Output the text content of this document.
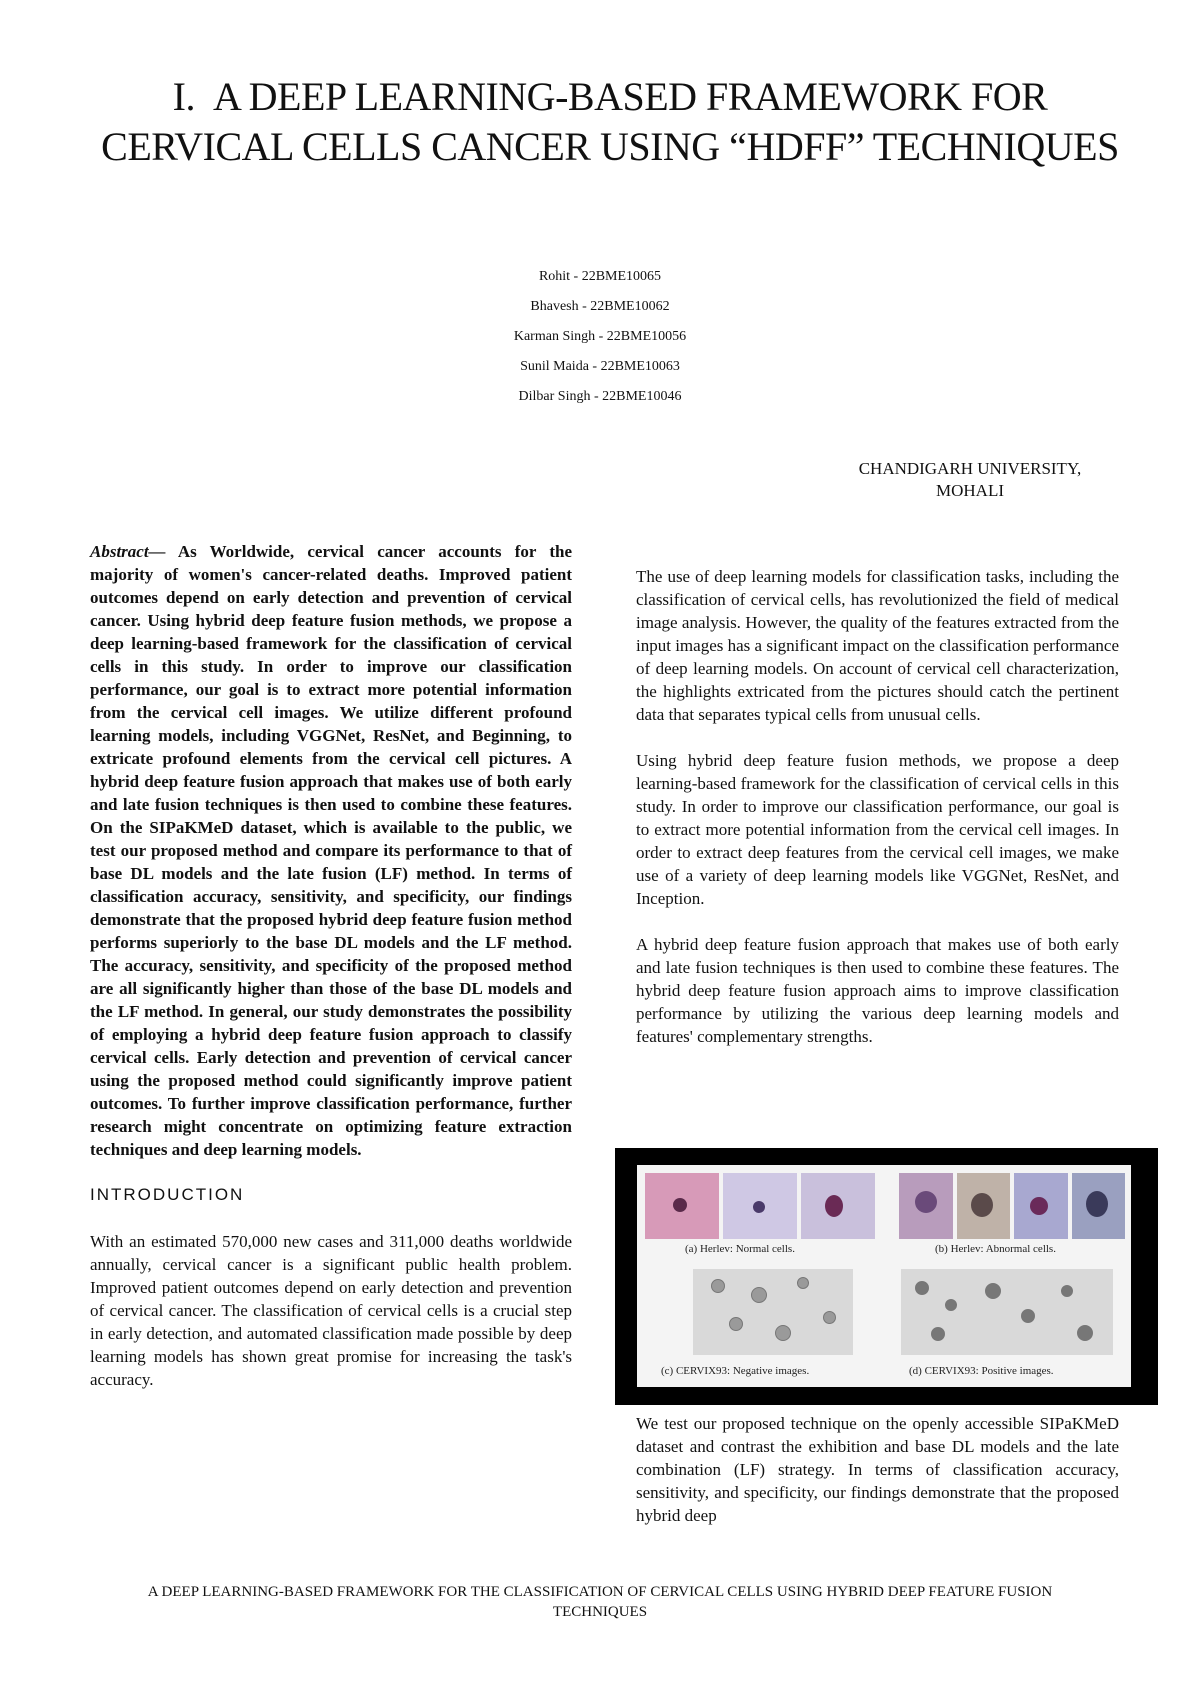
I. A DEEP LEARNING-BASED FRAMEWORK FOR CERVICAL CELLS CANCER USING “HDFF” TECHNIQUES
Rohit - 22BME10065
Bhavesh - 22BME10062
Karman Singh - 22BME10056
Sunil Maida - 22BME10063
Dilbar Singh - 22BME10046
CHANDIGARH UNIVERSITY,
MOHALI

Abstract— As Worldwide, cervical cancer accounts for the majority of women's cancer-related deaths. Improved patient outcomes depend on early detection and prevention of cervical cancer. Using hybrid deep feature fusion methods, we propose a deep learning-based framework for the classification of cervical cells in this study. In order to improve our classification performance, our goal is to extract more potential information from the cervical cell images. We utilize different profound learning models, including VGGNet, ResNet, and Beginning, to extricate profound elements from the cervical cell pictures. A hybrid deep feature fusion approach that makes use of both early and late fusion techniques is then used to combine these features. On the SIPaKMeD dataset, which is available to the public, we test our proposed method and compare its performance to that of base DL models and the late fusion (LF) method. In terms of classification accuracy, sensitivity, and specificity, our findings demonstrate that the proposed hybrid deep feature fusion method performs superiorly to the base DL models and the LF method. The accuracy, sensitivity, and specificity of the proposed method are all significantly higher than those of the base DL models and the LF method. In general, our study demonstrates the possibility of employing a hybrid deep feature fusion approach to classify cervical cells. Early detection and prevention of cervical cancer using the proposed method could significantly improve patient outcomes. To further improve classification performance, further research might concentrate on optimizing feature extraction techniques and deep learning models.

INTRODUCTION

With an estimated 570,000 new cases and 311,000 deaths worldwide annually, cervical cancer is a significant public health problem. Improved patient outcomes depend on early detection and prevention of cervical cancer. The classification of cervical cells is a crucial step in early detection, and automated classification made possible by deep learning models has shown great promise for increasing the task's accuracy.

The use of deep learning models for classification tasks, including the classification of cervical cells, has revolutionized the field of medical image analysis. However, the quality of the features extracted from the input images has a significant impact on the classification performance of deep learning models. On account of cervical cell characterization, the highlights extricated from the pictures should catch the pertinent data that separates typical cells from unusual cells.

Using hybrid deep feature fusion methods, we propose a deep learning-based framework for the classification of cervical cells in this study. In order to improve our classification performance, our goal is to extract more potential information from the cervical cell images. In order to extract deep features from the cervical cell images, we make use of a variety of deep learning models like VGGNet, ResNet, and Inception.

A hybrid deep feature fusion approach that makes use of both early and late fusion techniques is then used to combine these features. The hybrid deep feature fusion approach aims to improve classification performance by utilizing the various deep learning models and features' complementary strengths.

(a) Herlev: Normal cells.	(b) Herlev: Abnormal cells.
(c) CERVIX93: Negative images.	(d) CERVIX93: Positive images.
We test our proposed technique on the openly accessible SIPaKMeD dataset and contrast the exhibition and base DL models and the late combination (LF) strategy. In terms of classification accuracy, sensitivity, and specificity, our findings demonstrate that the proposed hybrid deep
A DEEP LEARNING-BASED FRAMEWORK FOR THE CLASSIFICATION OF CERVICAL CELLS USING HYBRID DEEP FEATURE FUSION TECHNIQUES
